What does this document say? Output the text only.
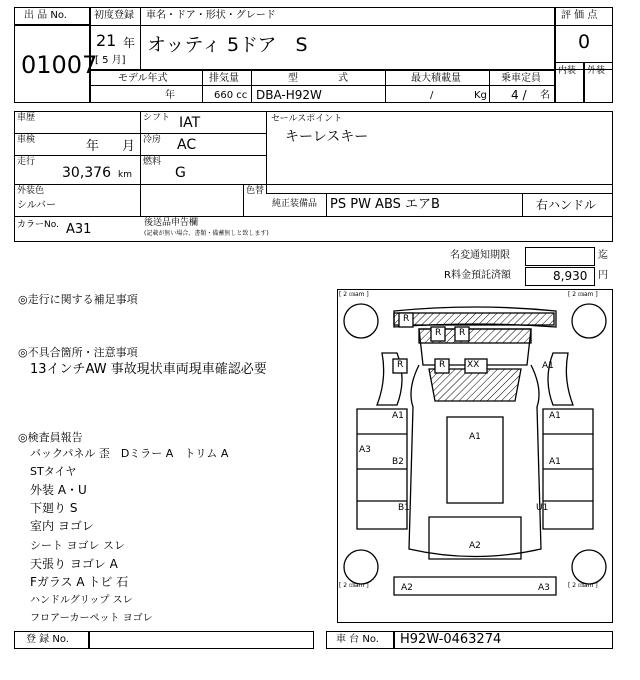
出 品 No.
01007
初度登録
21 年
[ 5 月]
車名・ドア・形状・グレード
オッティ 5ドア　S
評 価 点
0
内装 外装
モデル年式
年
排気量
660 cc
型　　　　式
DBA-H92W
最大積載量
/	Kg
乗車定員
4 / 名
車歴	シフト IAT	セールスポイント
キーレスキー
車検	年 月 冷房 AC
走行
30,376 km
燃料
G
外装色
シルバー
色替
純正装備品 PS PW ABS エアB	右ハンドル
カラーNo. A31	後送品申告欄
(記載が無い場合、書類・備蓄無しと致します)
名変通知期限	迄
R料金預託済額	8,930 円
◎走行に関する補足事項
◎不具合箇所・注意事項
13インチAW 事故現状車両現車確認必要
◎検査員報告
バックパネル 歪　Dミラー A　トリム A
STタイヤ
外装 A・U
下廻り S
室内 ヨゴレ
シート ヨゴレ スレ
天張り ヨゴレ A
Fガラス A トビ 石
ハンドルグリップ スレ
フロアーカーペット ヨゴレ
[ 2 ㎝am ]	[ 2 ㎝am ]
[ 2 ㎝am ]	[ 2 ㎝am ]
R
R R
R	R XX	A1
A1	A1
A1
A3
B2	A1
B1	U1
A2
A2	A3
登 録 No.	車 台 No. H92W-0463274
